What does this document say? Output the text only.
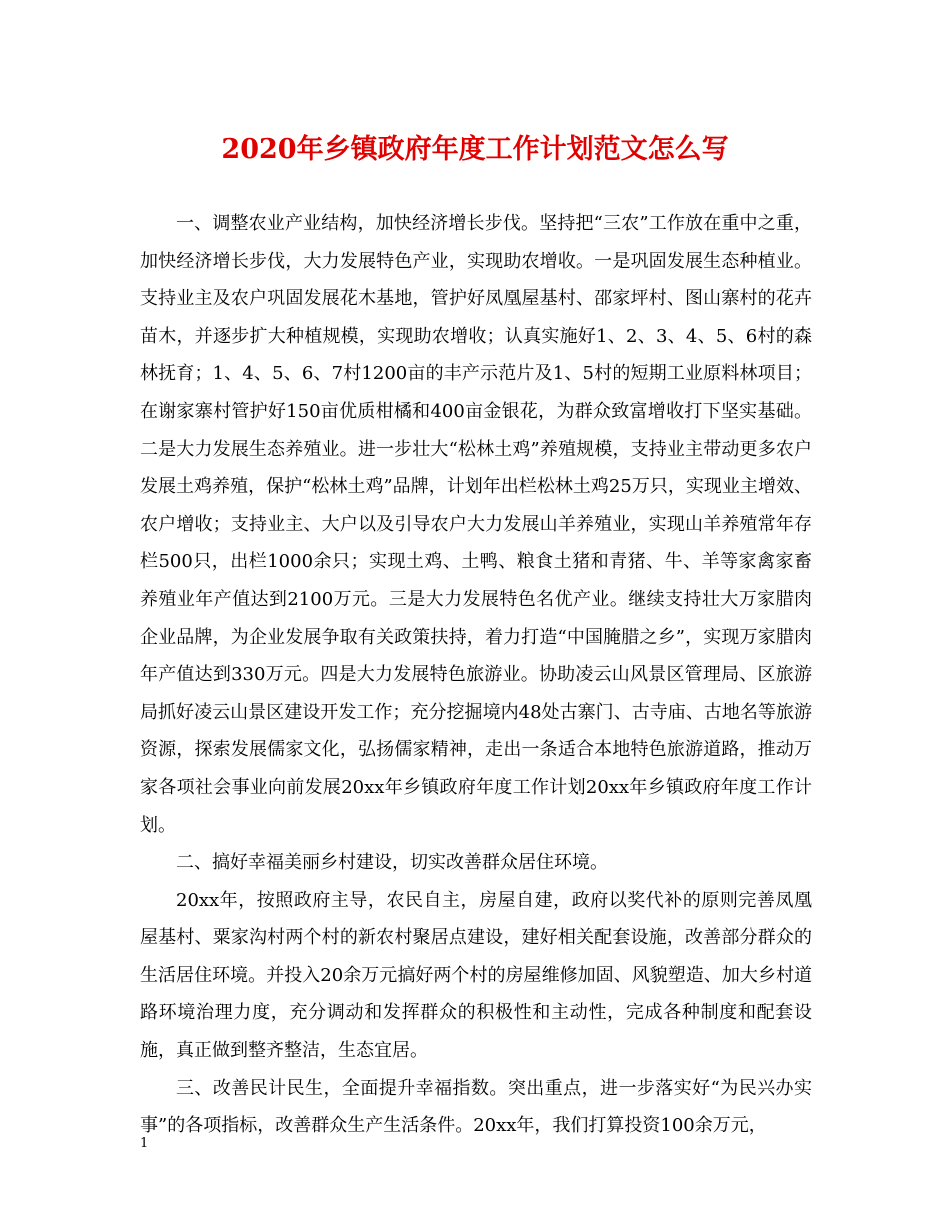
2020年乡镇政府年度工作计划范文怎么写

一、调整农业产业结构，加快经济增长步伐。坚持把“三农”工作放在重中之重，加快经济增长步伐，大力发展特色产业，实现助农增收。一是巩固发展生态种植业。支持业主及农户巩固发展花木基地，管护好凤凰屋基村、邵家坪村、图山寨村的花卉苗木，并逐步扩大种植规模，实现助农增收；认真实施好1、2、3、4、5、6村的森林抚育；1、4、5、6、7村1200亩的丰产示范片及1、5村的短期工业原料林项目；在谢家寨村管护好150亩优质柑橘和400亩金银花，为群众致富增收打下坚实基础。二是大力发展生态养殖业。进一步壮大“松林土鸡”养殖规模，支持业主带动更多农户发展土鸡养殖，保护“松林土鸡”品牌，计划年出栏松林土鸡25万只，实现业主增效、农户增收；支持业主、大户以及引导农户大力发展山羊养殖业，实现山羊养殖常年存栏500只，出栏1000余只；实现土鸡、土鸭、粮食土猪和青猪、牛、羊等家禽家畜养殖业年产值达到2100万元。三是大力发展特色名优产业。继续支持壮大万家腊肉企业品牌，为企业发展争取有关政策扶持，着力打造“中国腌腊之乡”，实现万家腊肉年产值达到330万元。四是大力发展特色旅游业。协助凌云山风景区管理局、区旅游局抓好凌云山景区建设开发工作；充分挖掘境内48处古寨门、古寺庙、古地名等旅游资源，探索发展儒家文化，弘扬儒家精神，走出一条适合本地特色旅游道路，推动万家各项社会事业向前发展20xx年乡镇政府年度工作计划20xx年乡镇政府年度工作计划。

二、搞好幸福美丽乡村建设，切实改善群众居住环境。

20xx年，按照政府主导，农民自主，房屋自建，政府以奖代补的原则完善凤凰屋基村、粟家沟村两个村的新农村聚居点建设，建好相关配套设施，改善部分群众的生活居住环境。并投入20余万元搞好两个村的房屋维修加固、风貌塑造、加大乡村道路环境治理力度，充分调动和发挥群众的积极性和主动性，完成各种制度和配套设施，真正做到整齐整洁，生态宜居。

三、改善民计民生，全面提升幸福指数。突出重点，进一步落实好“为民兴办实事”的各项指标，改善群众生产生活条件。20xx年，我们打算投资100余万元，

1
